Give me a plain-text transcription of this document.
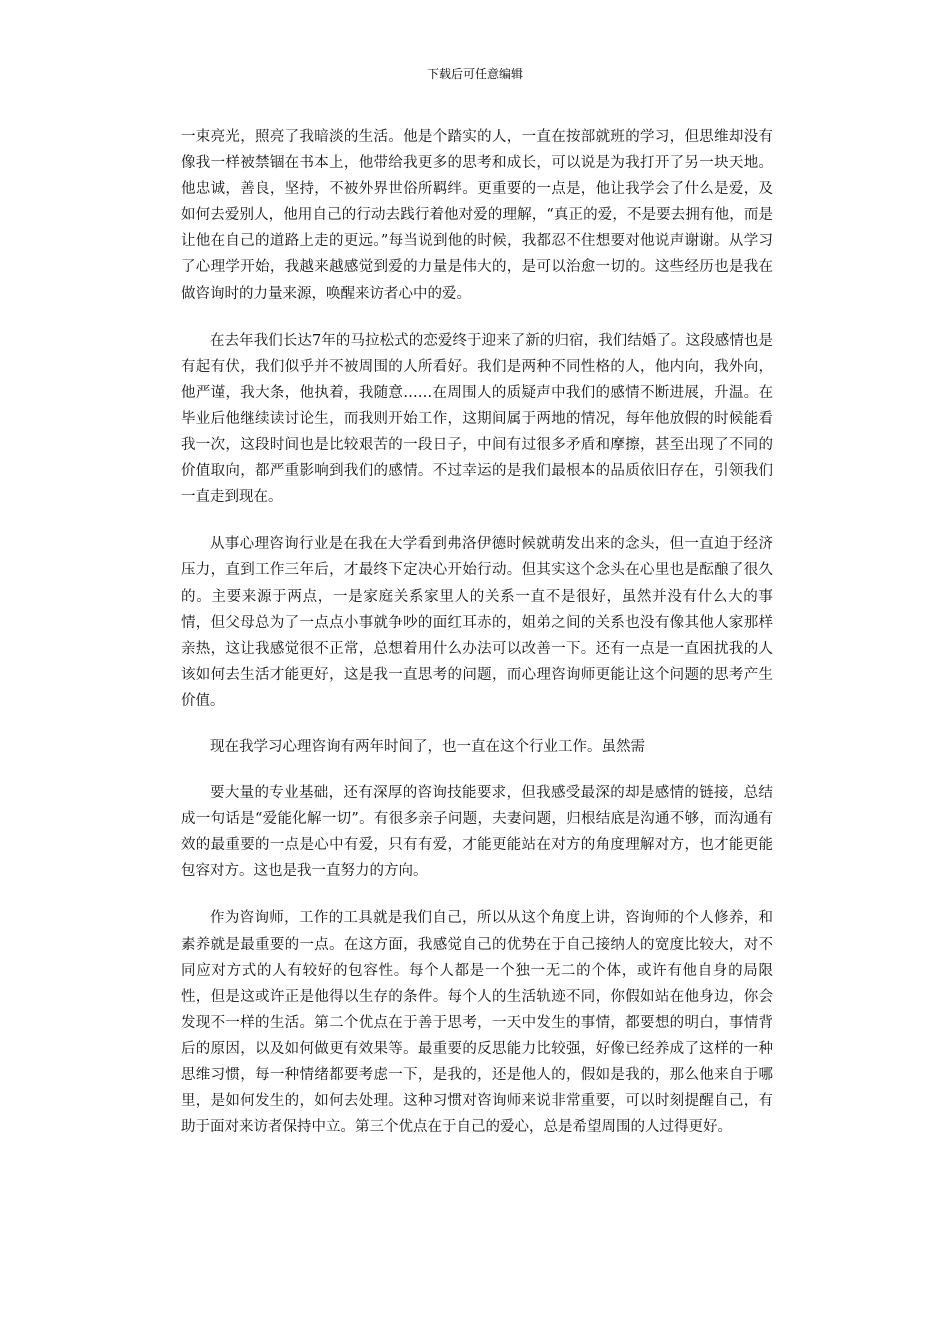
下载后可任意编辑

一束亮光，照亮了我暗淡的生活。他是个踏实的人，一直在按部就班的学习，但思维却没有像我一样被禁锢在书本上，他带给我更多的思考和成长，可以说是为我打开了另一块天地。他忠诚，善良，坚持，不被外界世俗所羁绊。更重要的一点是，他让我学会了什么是爱，及如何去爱别人，他用自己的行动去践行着他对爱的理解，“真正的爱，不是要去拥有他，而是让他在自己的道路上走的更远。”每当说到他的时候，我都忍不住想要对他说声谢谢。从学习了心理学开始，我越来越感觉到爱的力量是伟大的，是可以治愈一切的。这些经历也是我在做咨询时的力量来源，唤醒来访者心中的爱。

在去年我们长达7年的马拉松式的恋爱终于迎来了新的归宿，我们结婚了。这段感情也是有起有伏，我们似乎并不被周围的人所看好。我们是两种不同性格的人，他内向，我外向，他严谨，我大条，他执着，我随意……在周围人的质疑声中我们的感情不断进展，升温。在毕业后他继续读讨论生，而我则开始工作，这期间属于两地的情况，每年他放假的时候能看我一次，这段时间也是比较艰苦的一段日子，中间有过很多矛盾和摩擦，甚至出现了不同的价值取向，都严重影响到我们的感情。不过幸运的是我们最根本的品质依旧存在，引领我们一直走到现在。

从事心理咨询行业是在我在大学看到弗洛伊德时候就萌发出来的念头，但一直迫于经济压力，直到工作三年后，才最终下定决心开始行动。但其实这个念头在心里也是酝酿了很久的。主要来源于两点，一是家庭关系家里人的关系一直不是很好，虽然并没有什么大的事情，但父母总为了一点点小事就争吵的面红耳赤的，姐弟之间的关系也没有像其他人家那样亲热，这让我感觉很不正常，总想着用什么办法可以改善一下。还有一点是一直困扰我的人该如何去生活才能更好，这是我一直思考的问题，而心理咨询师更能让这个问题的思考产生价值。

现在我学习心理咨询有两年时间了，也一直在这个行业工作。虽然需

要大量的专业基础，还有深厚的咨询技能要求，但我感受最深的却是感情的链接，总结成一句话是“爱能化解一切”。有很多亲子问题，夫妻问题，归根结底是沟通不够，而沟通有效的最重要的一点是心中有爱，只有有爱，才能更能站在对方的角度理解对方，也才能更能包容对方。这也是我一直努力的方向。

作为咨询师，工作的工具就是我们自己，所以从这个角度上讲，咨询师的个人修养，和素养就是最重要的一点。在这方面，我感觉自己的优势在于自己接纳人的宽度比较大，对不同应对方式的人有较好的包容性。每个人都是一个独一无二的个体，或许有他自身的局限性，但是这或许正是他得以生存的条件。每个人的生活轨迹不同，你假如站在他身边，你会发现不一样的生活。第二个优点在于善于思考，一天中发生的事情，都要想的明白，事情背后的原因，以及如何做更有效果等。最重要的反思能力比较强，好像已经养成了这样的一种思维习惯，每一种情绪都要考虑一下，是我的，还是他人的，假如是我的，那么他来自于哪里，是如何发生的，如何去处理。这种习惯对咨询师来说非常重要，可以时刻提醒自己，有助于面对来访者保持中立。第三个优点在于自己的爱心，总是希望周围的人过得更好。
